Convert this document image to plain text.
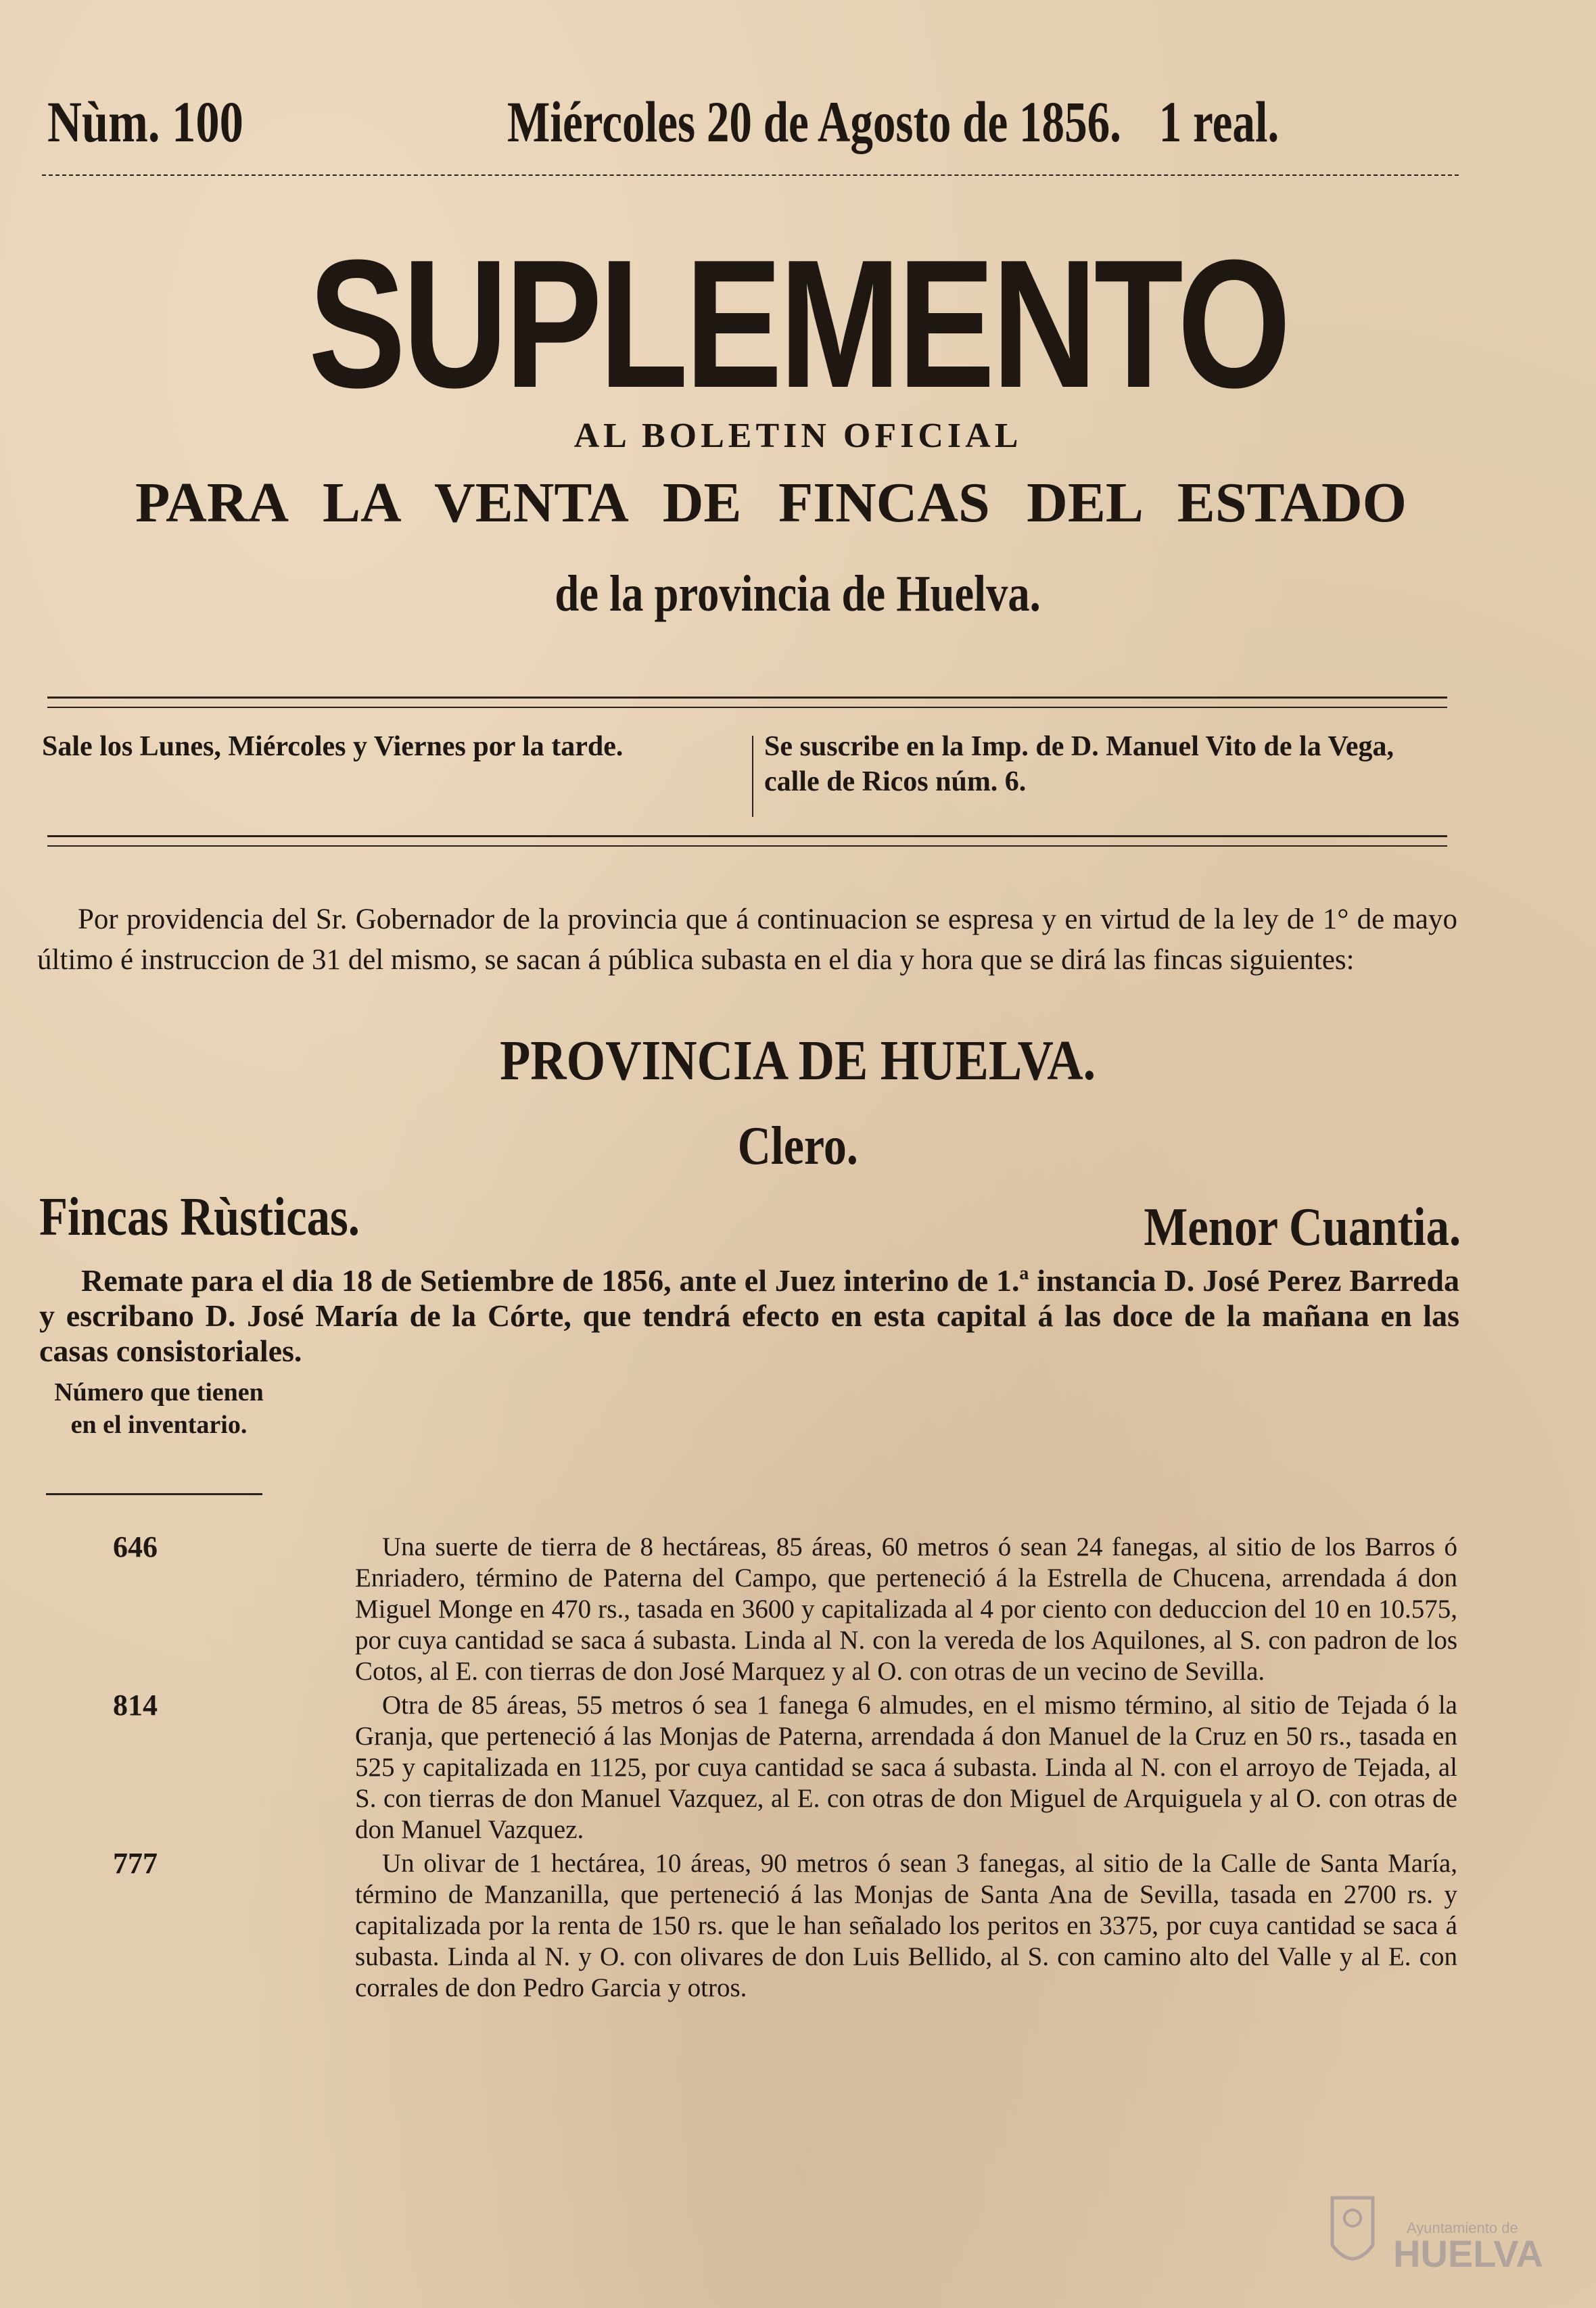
Nùm. 100	Miércoles 20 de Agosto de 1856. 1 real.
SUPLEMENTO
AL BOLETIN OFICIAL
PARA LA VENTA DE FINCAS DEL ESTADO
de la provincia de Huelva.
Sale los Lunes, Miércoles y Viernes por la tarde.	Se suscribe en la Imp. de D. Manuel Vito de la Vega, calle de Ricos núm. 6.
Por providencia del Sr. Gobernador de la provincia que á continuacion se espresa y en virtud de la ley de 1° de mayo último é instruccion de 31 del mismo, se sacan á pública subasta en el dia y hora que se dirá las fincas siguientes:
PROVINCIA DE HUELVA.
Clero.
Fincas Rùsticas.	Menor Cuantia.
Remate para el dia 18 de Setiembre de 1856, ante el Juez interino de 1.ª instancia D. José Perez Barreda y escribano D. José María de la Córte, que tendrá efecto en esta capital á las doce de la mañana en las casas consistoriales.
Número que tienen en el inventario.
646	Una suerte de tierra de 8 hectáreas, 85 áreas, 60 metros ó sean 24 fanegas, al sitio de los Barros ó Enriadero, término de Paterna del Campo, que perteneció á la Estrella de Chucena, arrendada á don Miguel Monge en 470 rs., tasada en 3600 y capitalizada al 4 por ciento con deduccion del 10 en 10.575, por cuya cantidad se saca á subasta. Linda al N. con la vereda de los Aquilones, al S. con padron de los Cotos, al E. con tierras de don José Marquez y al O. con otras de un vecino de Sevilla.
814	Otra de 85 áreas, 55 metros ó sea 1 fanega 6 almudes, en el mismo término, al sitio de Tejada ó la Granja, que perteneció á las Monjas de Paterna, arrendada á don Manuel de la Cruz en 50 rs., tasada en 525 y capitalizada en 1125, por cuya cantidad se saca á subasta. Linda al N. con el arroyo de Tejada, al S. con tierras de don Manuel Vazquez, al E. con otras de don Miguel de Arquiguela y al O. con otras de don Manuel Vazquez.
777	Un olivar de 1 hectárea, 10 áreas, 90 metros ó sean 3 fanegas, al sitio de la Calle de Santa María, término de Manzanilla, que perteneció á las Monjas de Santa Ana de Sevilla, tasada en 2700 rs. y capitalizada por la renta de 150 rs. que le han señalado los peritos en 3375, por cuya cantidad se saca á subasta. Linda al N. y O. con olivares de don Luis Bellido, al S. con camino alto del Valle y al E. con corrales de don Pedro Garcia y otros.
Ayuntamiento de
HUELVA
